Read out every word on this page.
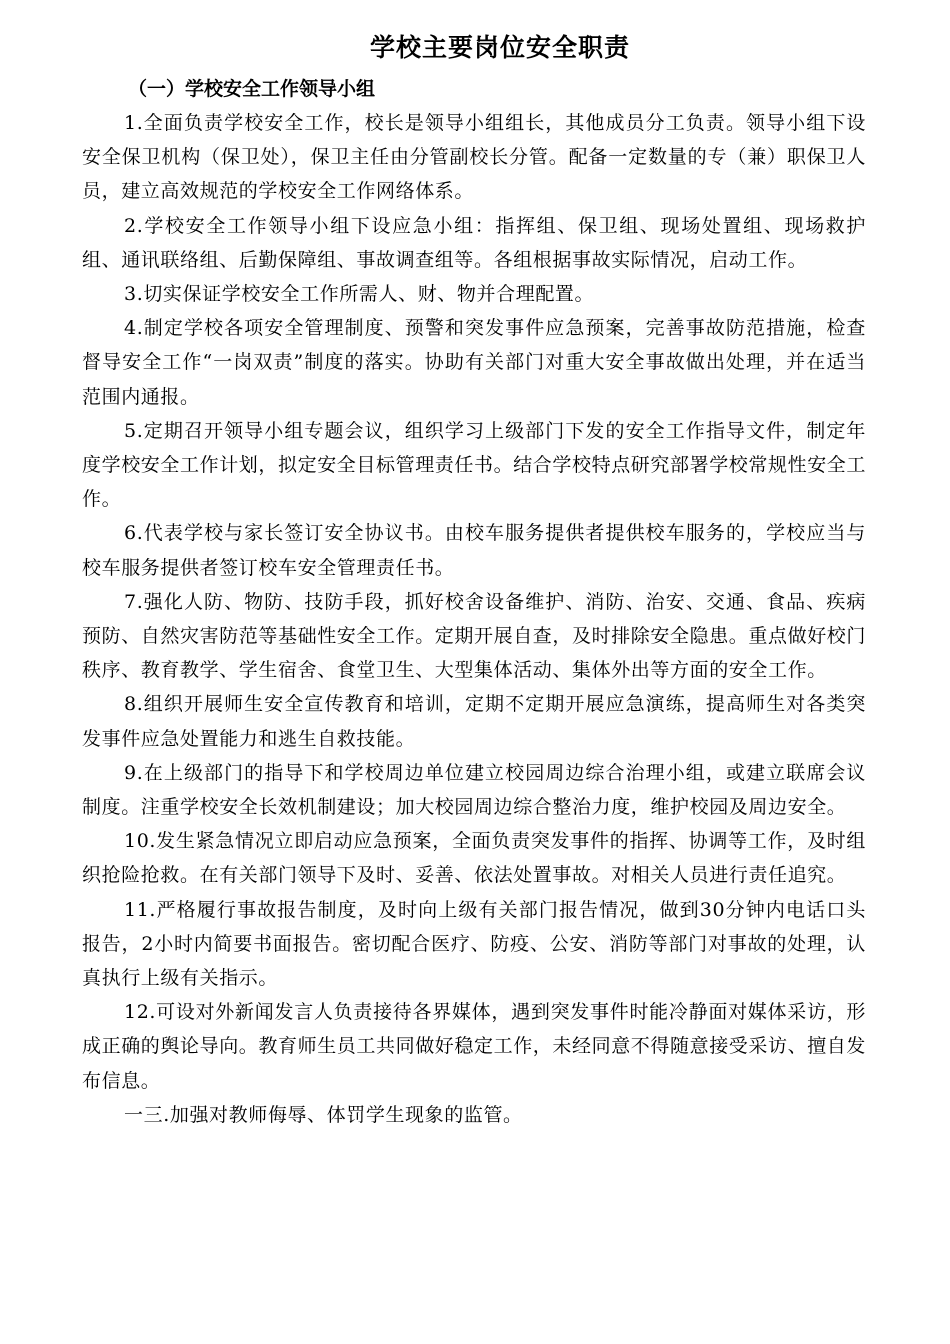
学校主要岗位安全职责
（一）学校安全工作领导小组

1.全面负责学校安全工作，校长是领导小组组长，其他成员分工负责。领导小组下设安全保卫机构（保卫处），保卫主任由分管副校长分管。配备一定数量的专（兼）职保卫人员，建立高效规范的学校安全工作网络体系。

2.学校安全工作领导小组下设应急小组：指挥组、保卫组、现场处置组、现场救护组、通讯联络组、后勤保障组、事故调查组等。各组根据事故实际情况，启动工作。

3.切实保证学校安全工作所需人、财、物并合理配置。

4.制定学校各项安全管理制度、预警和突发事件应急预案，完善事故防范措施，检查督导安全工作“一岗双责”制度的落实。协助有关部门对重大安全事故做出处理，并在适当范围内通报。

5.定期召开领导小组专题会议，组织学习上级部门下发的安全工作指导文件，制定年度学校安全工作计划，拟定安全目标管理责任书。结合学校特点研究部署学校常规性安全工作。

6.代表学校与家长签订安全协议书。由校车服务提供者提供校车服务的，学校应当与校车服务提供者签订校车安全管理责任书。

7.强化人防、物防、技防手段，抓好校舍设备维护、消防、治安、交通、食品、疾病预防、自然灾害防范等基础性安全工作。定期开展自查，及时排除安全隐患。重点做好校门秩序、教育教学、学生宿舍、食堂卫生、大型集体活动、集体外出等方面的安全工作。

8.组织开展师生安全宣传教育和培训，定期不定期开展应急演练，提高师生对各类突发事件应急处置能力和逃生自救技能。

9.在上级部门的指导下和学校周边单位建立校园周边综合治理小组，或建立联席会议制度。注重学校安全长效机制建设；加大校园周边综合整治力度，维护校园及周边安全。

10.发生紧急情况立即启动应急预案，全面负责突发事件的指挥、协调等工作，及时组织抢险抢救。在有关部门领导下及时、妥善、依法处置事故。对相关人员进行责任追究。

11.严格履行事故报告制度，及时向上级有关部门报告情况，做到30分钟内电话口头报告，2小时内简要书面报告。密切配合医疗、防疫、公安、消防等部门对事故的处理，认真执行上级有关指示。

12.可设对外新闻发言人负责接待各界媒体，遇到突发事件时能冷静面对媒体采访，形成正确的舆论导向。教育师生员工共同做好稳定工作，未经同意不得随意接受采访、擅自发布信息。

一三.加强对教师侮辱、体罚学生现象的监管。
